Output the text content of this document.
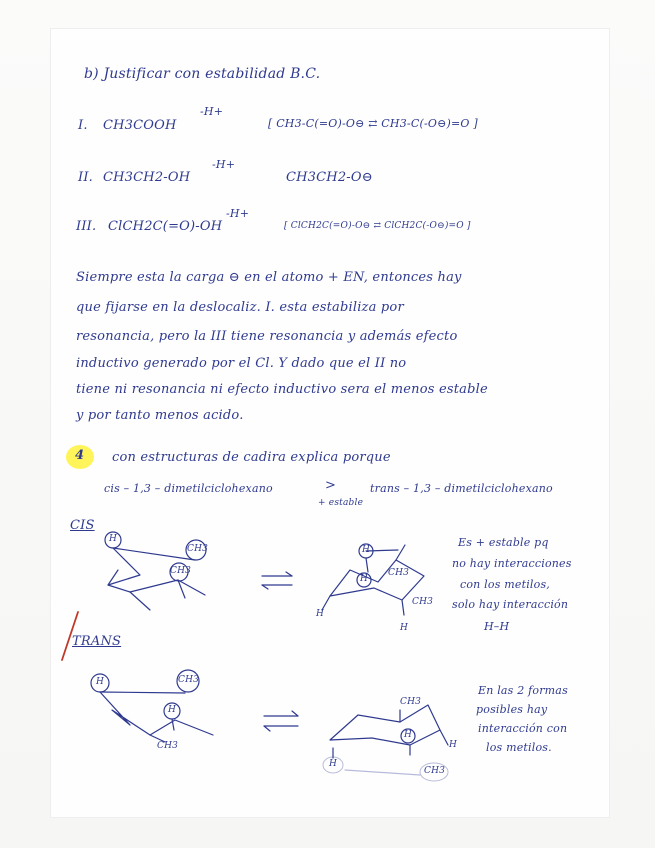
b) Justificar con estabilidad B.C.
I. CH3COOH
-H+
[ CH3-C(=O)-O⊖ ⇄ CH3-C(-O⊖)=O ]
II. CH3CH2-OH
-H+
CH3CH2-O⊖
III. ClCH2C(=O)-OH
-H+
[ ClCH2C(=O)-O⊖ ⇄ ClCH2C(-O⊖)=O ]
Siempre esta la carga ⊖ en el atomo + EN, entonces hay
que fijarse en la deslocaliz. I. esta estabiliza por
resonancia, pero la III tiene resonancia y además efecto
inductivo generado por el Cl. Y dado que el II no
tiene ni resonancia ni efecto inductivo sera el menos estable
y por tanto menos acido.
4 con estructuras de cadira explica porque
cis – 1,3 – dimetilciclohexano	>
+ estable
trans – 1,3 – dimetilciclohexano
CIS
H
CH3
CH3
H
CH3
H
H
CH3
H
Es + estable pq
no hay interacciones
con los metilos,
solo hay interacción
H–H
TRANS
H	CH3
H
CH3
CH3
H
H
H
CH3
En las 2 formas
posibles hay
interacción con
los metilos.
